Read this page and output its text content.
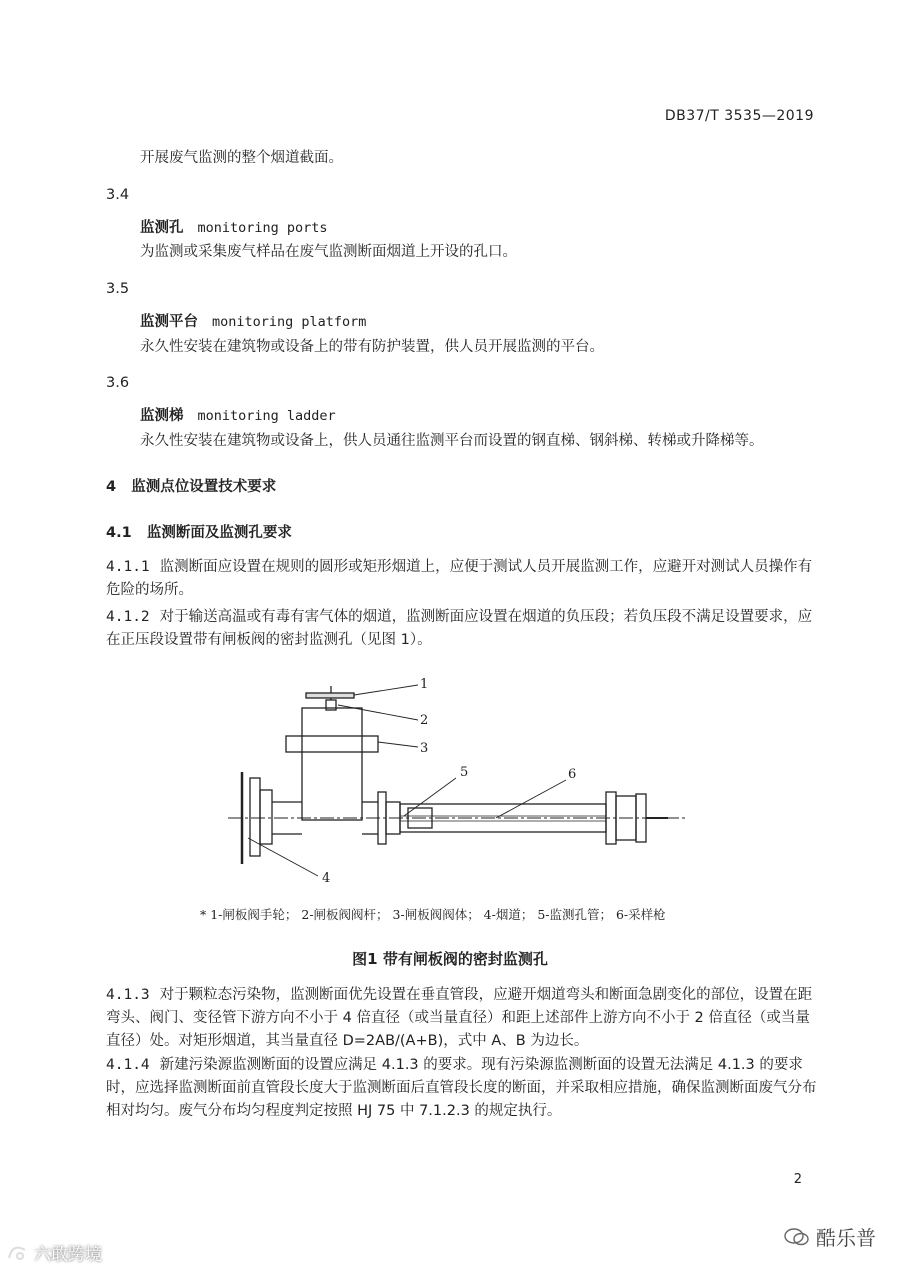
DB37/T 3535—2019
开展废气监测的整个烟道截面。
3.4
监测孔 monitoring ports
为监测或采集废气样品在废气监测断面烟道上开设的孔口。
3.5
监测平台 monitoring platform
永久性安装在建筑物或设备上的带有防护装置，供人员开展监测的平台。
3.6
监测梯 monitoring ladder
永久性安装在建筑物或设备上，供人员通往监测平台而设置的钢直梯、钢斜梯、转梯或升降梯等。
4   监测点位设置技术要求
4.1   监测断面及监测孔要求
4.1.1 监测断面应设置在规则的圆形或矩形烟道上，应便于测试人员开展监测工作，应避开对测试人员操作有危险的场所。
4.1.2 对于输送高温或有毒有害气体的烟道，监测断面应设置在烟道的负压段；若负压段不满足设置要求，应在正压段设置带有闸板阀的密封监测孔（见图 1）。
1
2
3
4
5	6
* 1-闸板阀手轮； 2-闸板阀阀杆； 3-闸板阀阀体； 4-烟道； 5-监测孔管； 6-采样枪
图1 带有闸板阀的密封监测孔
4.1.3 对于颗粒态污染物，监测断面优先设置在垂直管段，应避开烟道弯头和断面急剧变化的部位，设置在距弯头、阀门、变径管下游方向不小于 4 倍直径（或当量直径）和距上述部件上游方向不小于 2 倍直径（或当量直径）处。对矩形烟道，其当量直径 D=2AB/(A+B)，式中 A、B 为边长。
4.1.4 新建污染源监测断面的设置应满足 4.1.3 的要求。现有污染源监测断面的设置无法满足 4.1.3 的要求时，应选择监测断面前直管段长度大于监测断面后直管段长度的断面，并采取相应措施，确保监测断面废气分布相对均匀。废气分布均匀程度判定按照 HJ 75 中 7.1.2.3 的规定执行。
2
酷乐普
六敢跨境
